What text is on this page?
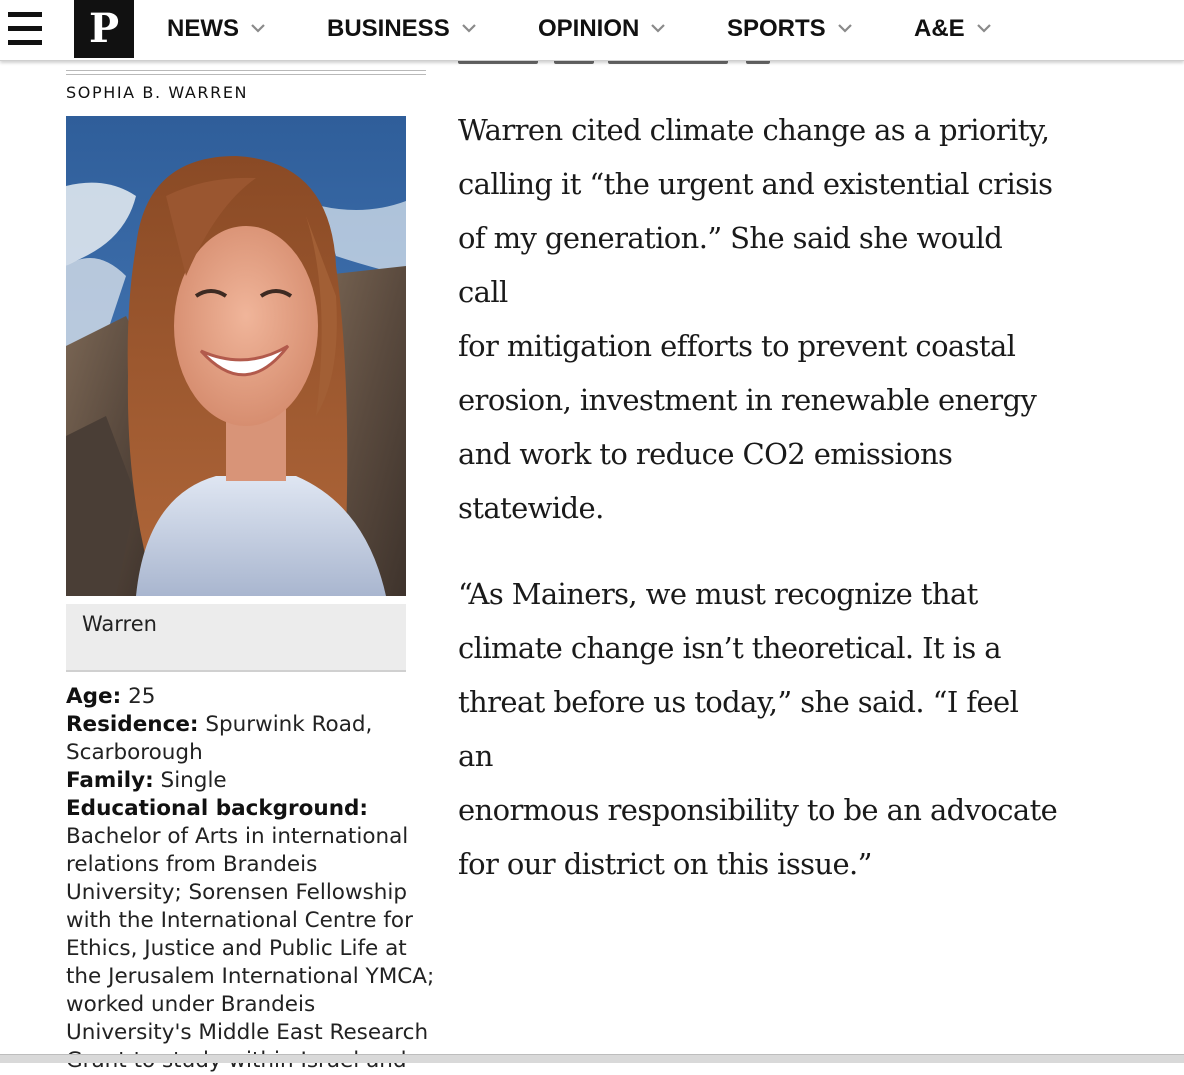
P	NEWS	BUSINESS	OPINION	SPORTS	A&E
SOPHIA B. WARREN
Warren

Age: 25

Residence: Spurwink Road, Scarborough

Family: Single

Educational background:

Bachelor of Arts in international

relations from Brandeis

University; Sorensen Fellowship

with the International Centre for

Ethics, Justice and Public Life at

the Jerusalem International YMCA;

worked under Brandeis

University's Middle East Research

Warren cited climate change as a priority,
calling it “the urgent and existential crisis
of my generation.” She said she would call
for mitigation efforts to prevent coastal
erosion, investment in renewable energy
and work to reduce CO2 emissions
statewide.

“As Mainers, we must recognize that
climate change isn’t theoretical. It is a
threat before us today,” she said. “I feel an
enormous responsibility to be an advocate
for our district on this issue.”
